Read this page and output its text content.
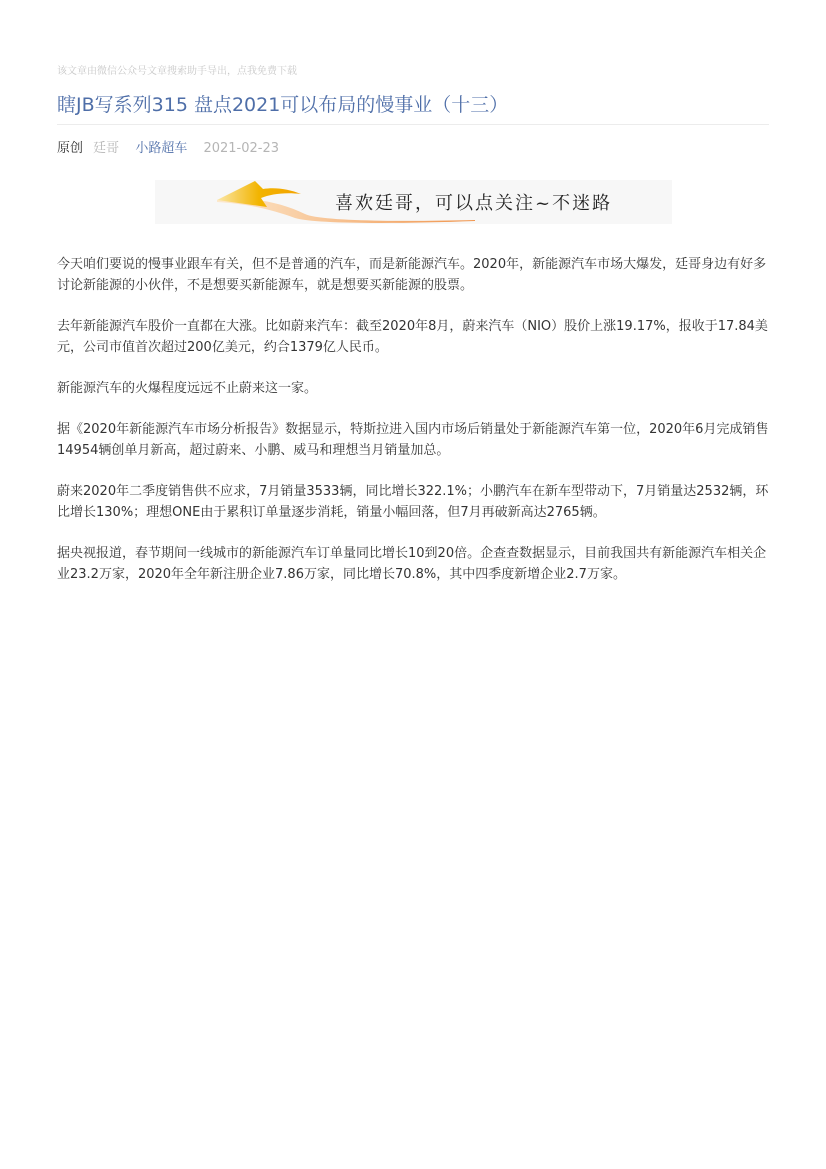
该文章由微信公众号文章搜索助手导出，点我免费下载
瞎JB写系列315 盘点2021可以布局的慢事业（十三）
原创 廷哥 小路超车 2021-02-23
喜欢廷哥，可以点关注~不迷路

今天咱们要说的慢事业跟车有关，但不是普通的汽车，而是新能源汽车。2020年，新能源汽车市场大爆发，廷哥身边有好多讨论新能源的小伙伴，不是想要买新能源车，就是想要买新能源的股票。

去年新能源汽车股价一直都在大涨。比如蔚来汽车：截至2020年8月，蔚来汽车（NIO）股价上涨19.17%，报收于17.84美元，公司市值首次超过200亿美元，约合1379亿人民币。

新能源汽车的火爆程度远远不止蔚来这一家。

据《2020年新能源汽车市场分析报告》数据显示，特斯拉进入国内市场后销量处于新能源汽车第一位，2020年6月完成销售14954辆创单月新高，超过蔚来、小鹏、威马和理想当月销量加总。

蔚来2020年二季度销售供不应求，7月销量3533辆，同比增长322.1%；小鹏汽车在新车型带动下，7月销量达2532辆，环比增长130%；理想ONE由于累积订单量逐步消耗，销量小幅回落，但7月再破新高达2765辆。

据央视报道，春节期间一线城市的新能源汽车订单量同比增长10到20倍。企查查数据显示，目前我国共有新能源汽车相关企业23.2万家，2020年全年新注册企业7.86万家，同比增长70.8%，其中四季度新增企业2.7万家。
